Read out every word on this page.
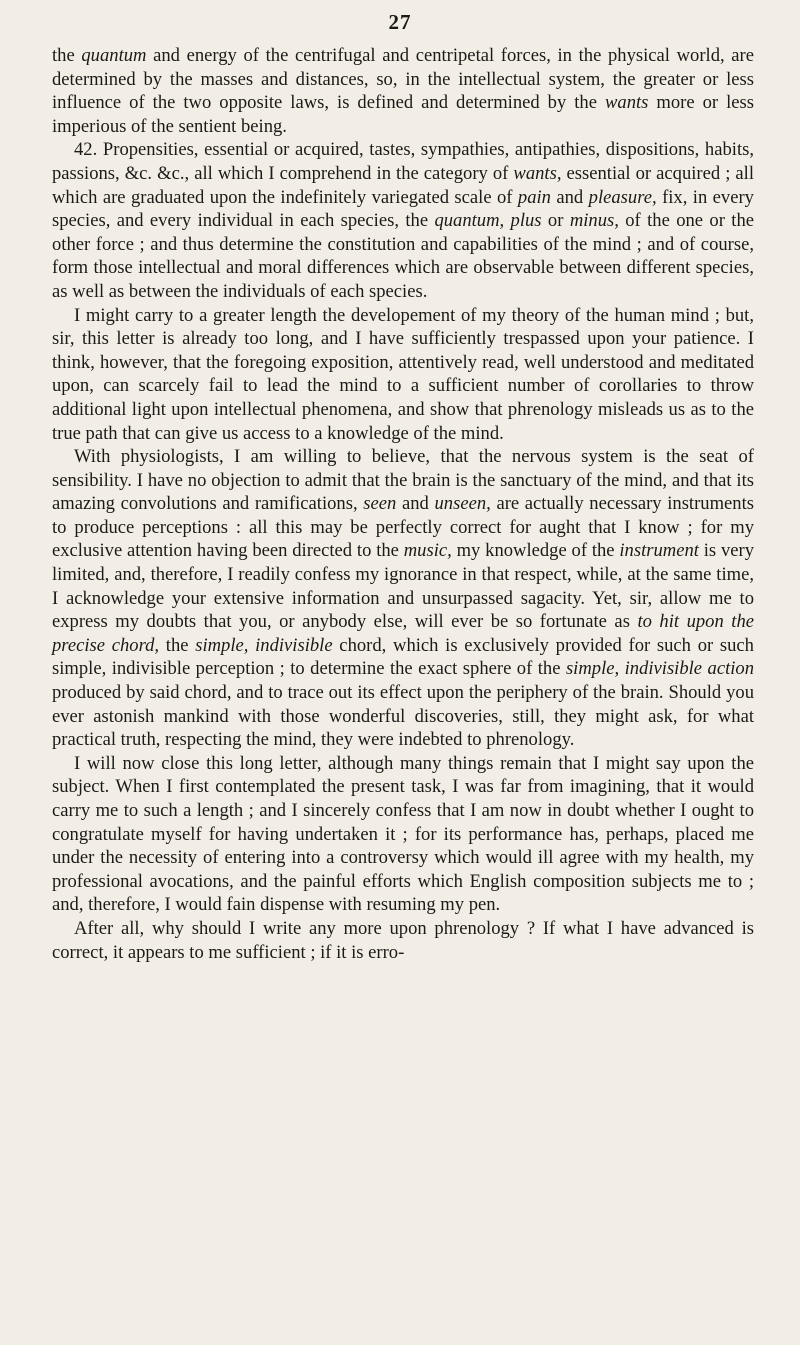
27

the quantum and energy of the centrifugal and centripetal forces, in the physical world, are determined by the masses and distances, so, in the intellectual system, the greater or less influence of the two opposite laws, is defined and determined by the wants more or less imperious of the sentient being.

42. Propensities, essential or acquired, tastes, sympathies, antipathies, dispositions, habits, passions, &c. &c., all which I comprehend in the category of wants, essential or acquired ; all which are graduated upon the indefinitely variegated scale of pain and pleasure, fix, in every species, and every individual in each species, the quantum, plus or minus, of the one or the other force ; and thus determine the constitution and capabilities of the mind ; and of course, form those intellectual and moral differences which are observable between different species, as well as between the individuals of each species.

I might carry to a greater length the developement of my theory of the human mind ; but, sir, this letter is already too long, and I have sufficiently trespassed upon your patience. I think, however, that the foregoing exposition, attentively read, well understood and meditated upon, can scarcely fail to lead the mind to a sufficient number of corollaries to throw additional light upon intellectual phenomena, and show that phrenology misleads us as to the true path that can give us access to a knowledge of the mind.

With physiologists, I am willing to believe, that the nervous system is the seat of sensibility. I have no objection to admit that the brain is the sanctuary of the mind, and that its amazing convolutions and ramifications, seen and unseen, are actually necessary instruments to produce perceptions : all this may be perfectly correct for aught that I know ; for my exclusive attention having been directed to the music, my knowledge of the instrument is very limited, and, therefore, I readily confess my ignorance in that respect, while, at the same time, I acknowledge your extensive information and unsurpassed sagacity. Yet, sir, allow me to express my doubts that you, or anybody else, will ever be so fortunate as to hit upon the precise chord, the simple, indivisible chord, which is exclusively provided for such or such simple, indivisible perception ; to determine the exact sphere of the simple, indivisible action produced by said chord, and to trace out its effect upon the periphery of the brain. Should you ever astonish mankind with those wonderful discoveries, still, they might ask, for what practical truth, respecting the mind, they were indebted to phrenology.

I will now close this long letter, although many things remain that I might say upon the subject. When I first contemplated the present task, I was far from imagining, that it would carry me to such a length ; and I sincerely confess that I am now in doubt whether I ought to congratulate myself for having undertaken it ; for its performance has, perhaps, placed me under the necessity of entering into a controversy which would ill agree with my health, my professional avocations, and the painful efforts which English composition subjects me to ; and, therefore, I would fain dispense with resuming my pen.

After all, why should I write any more upon phrenology ? If what I have advanced is correct, it appears to me sufficient ; if it is erro-
